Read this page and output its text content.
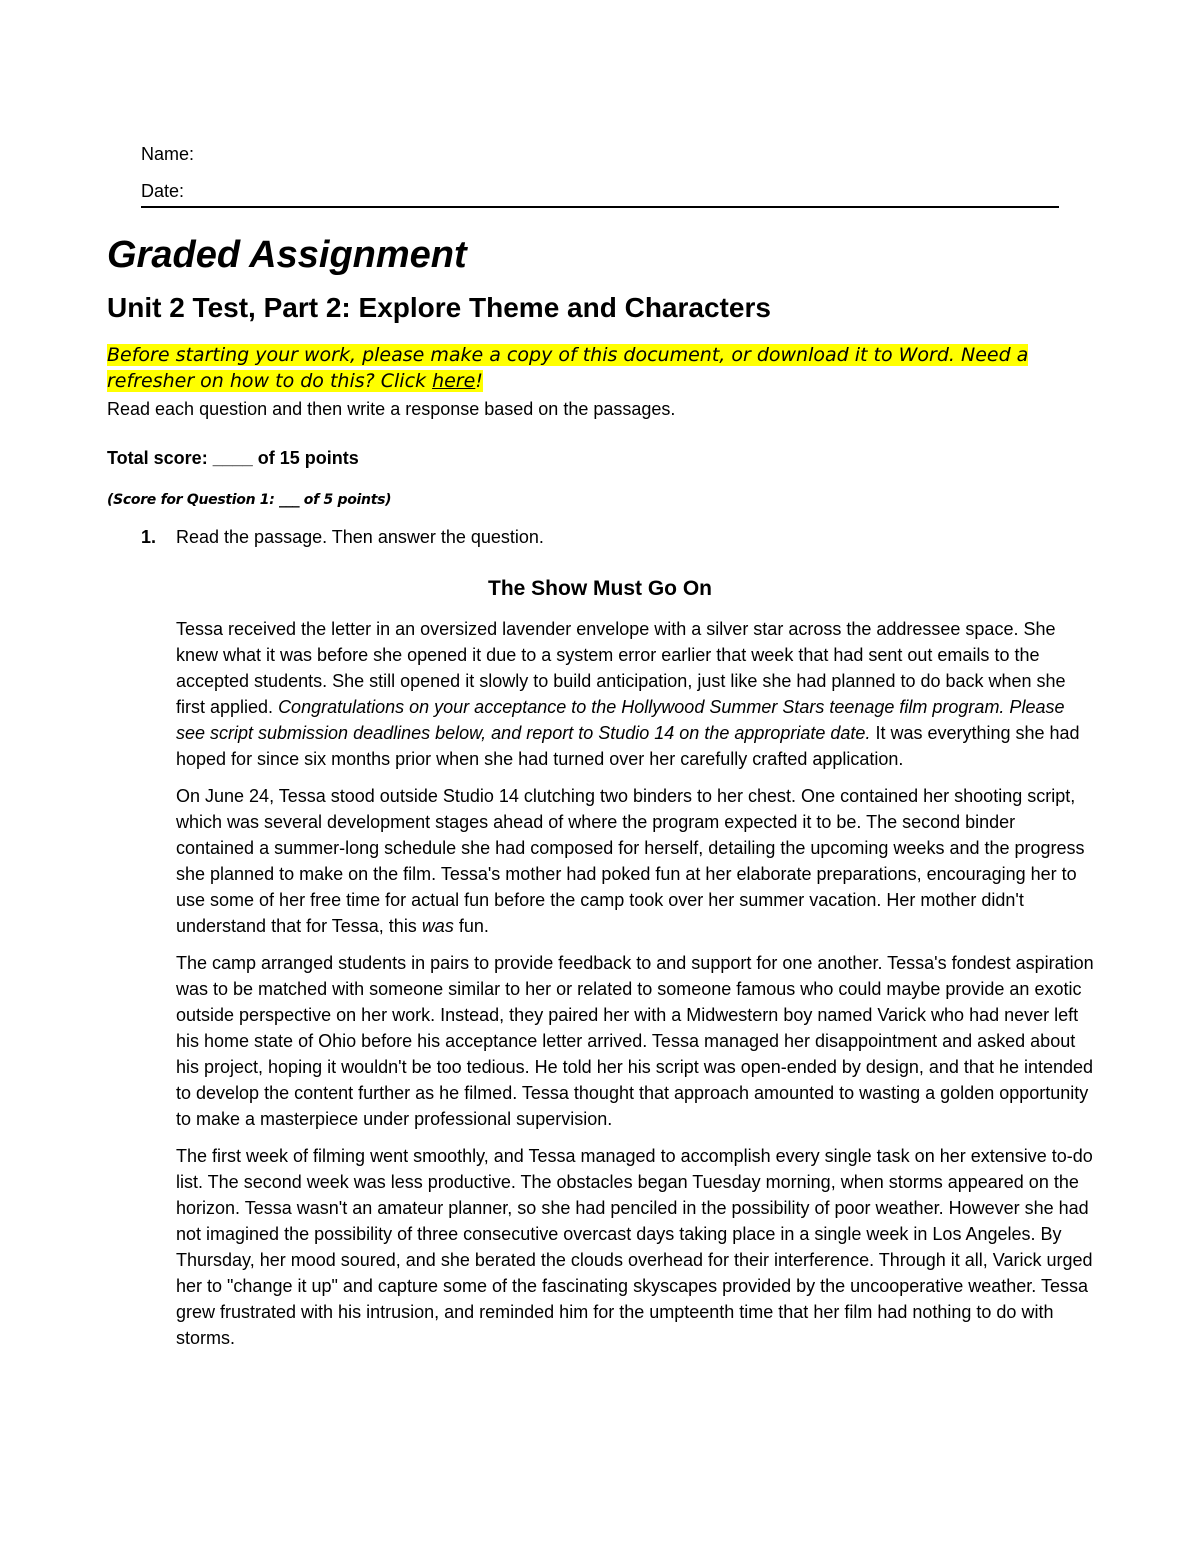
Name:
Date:
Graded Assignment
Unit 2 Test, Part 2: Explore Theme and Characters

Before starting your work, please make a copy of this document, or download it to Word. Need a refresher on how to do this? Click here!

Read each question and then write a response based on the passages.

Total score: ____ of 15 points

(Score for Question 1: ___ of 5 points)

1. Read the passage. Then answer the question.
The Show Must Go On

Tessa received the letter in an oversized lavender envelope with a silver star across the addressee space. She knew what it was before she opened it due to a system error earlier that week that had sent out emails to the accepted students. She still opened it slowly to build anticipation, just like she had planned to do back when she first applied. Congratulations on your acceptance to the Hollywood Summer Stars teenage film program. Please see script submission deadlines below, and report to Studio 14 on the appropriate date. It was everything she had hoped for since six months prior when she had turned over her carefully crafted application.

On June 24, Tessa stood outside Studio 14 clutching two binders to her chest. One contained her shooting script, which was several development stages ahead of where the program expected it to be. The second binder contained a summer-long schedule she had composed for herself, detailing the upcoming weeks and the progress she planned to make on the film. Tessa's mother had poked fun at her elaborate preparations, encouraging her to use some of her free time for actual fun before the camp took over her summer vacation. Her mother didn't understand that for Tessa, this was fun.

The camp arranged students in pairs to provide feedback to and support for one another. Tessa's fondest aspiration was to be matched with someone similar to her or related to someone famous who could maybe provide an exotic outside perspective on her work. Instead, they paired her with a Midwestern boy named Varick who had never left his home state of Ohio before his acceptance letter arrived. Tessa managed her disappointment and asked about his project, hoping it wouldn't be too tedious. He told her his script was open-ended by design, and that he intended to develop the content further as he filmed. Tessa thought that approach amounted to wasting a golden opportunity to make a masterpiece under professional supervision.

The first week of filming went smoothly, and Tessa managed to accomplish every single task on her extensive to-do list. The second week was less productive. The obstacles began Tuesday morning, when storms appeared on the horizon. Tessa wasn't an amateur planner, so she had penciled in the possibility of poor weather. However she had not imagined the possibility of three consecutive overcast days taking place in a single week in Los Angeles. By Thursday, her mood soured, and she berated the clouds overhead for their interference. Through it all, Varick urged her to "change it up" and capture some of the fascinating skyscapes provided by the uncooperative weather. Tessa grew frustrated with his intrusion, and reminded him for the umpteenth time that her film had nothing to do with storms.
